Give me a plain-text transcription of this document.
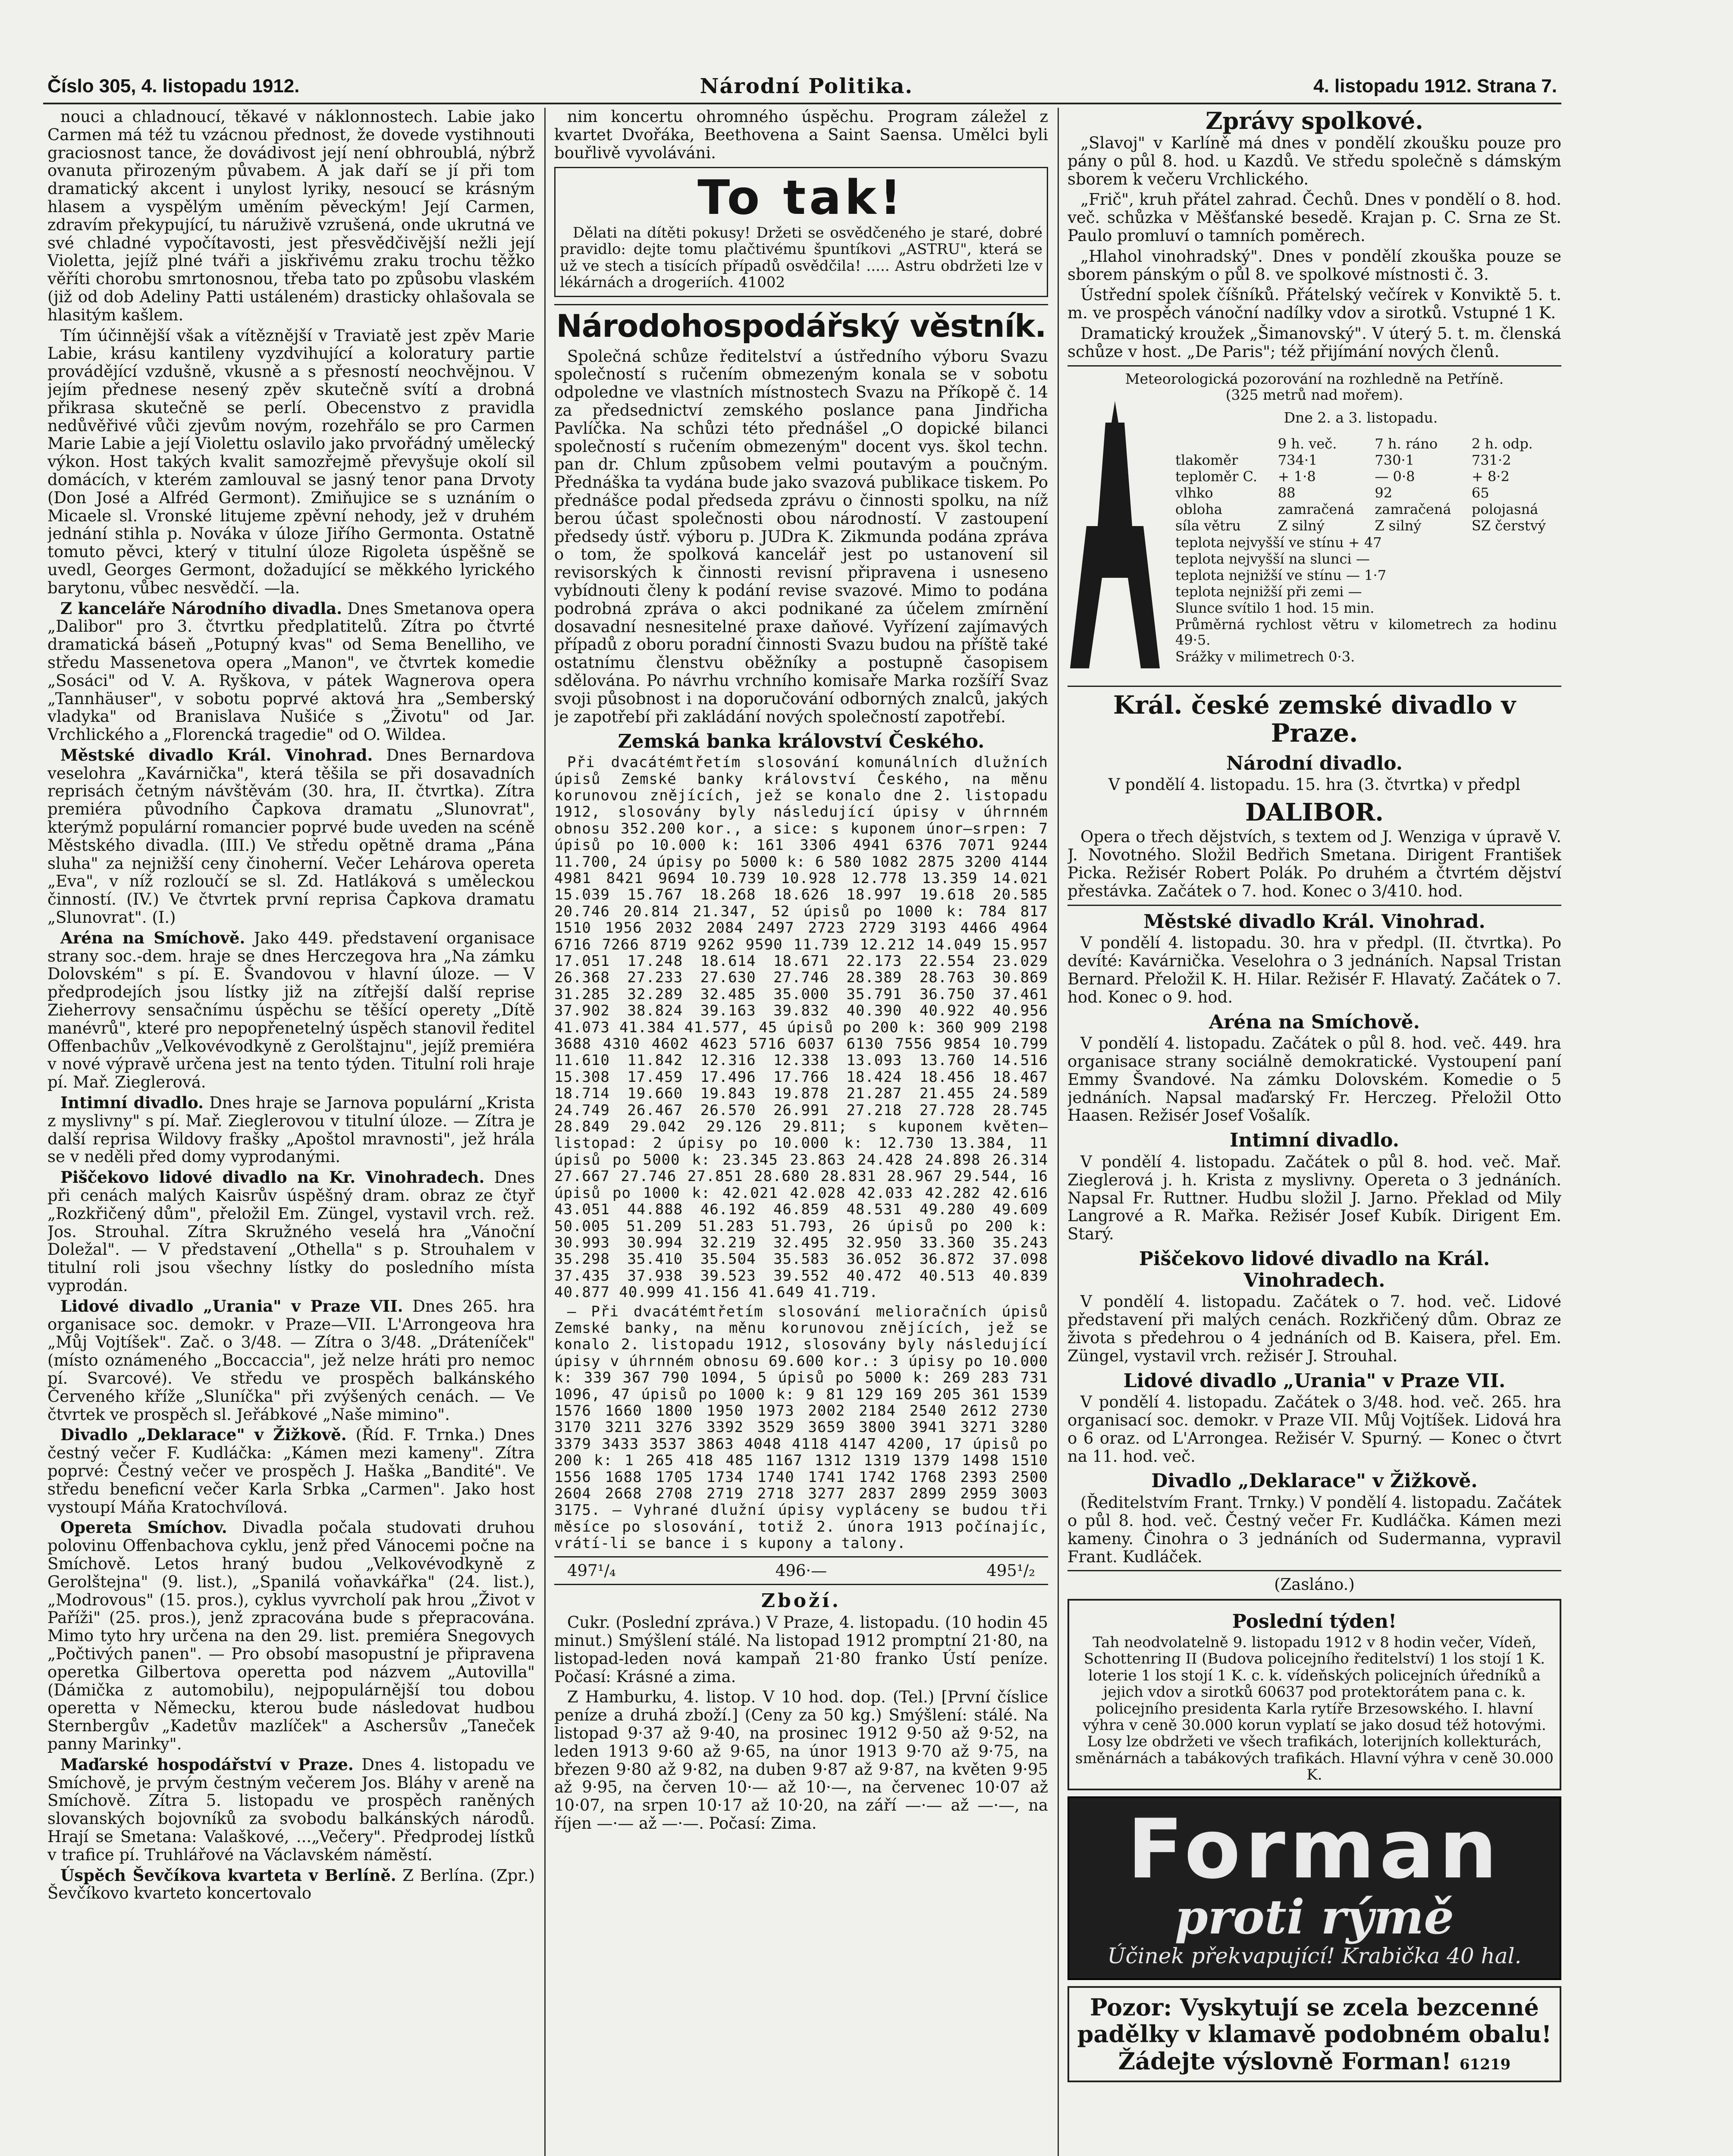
Číslo 305, 4. listopadu 1912.	Národní Politika.	4. listopadu 1912. Strana 7.

nouci a chladnoucí, těkavé v náklonnostech. Labie jako Carmen má též tu vzácnou přednost, že dovede vystihnouti graciosnost tance, že dovádivost její není obhroublá, nýbrž ovanuta přirozeným půvabem. A jak daří se jí při tom dramatický akcent i unylost lyriky, nesoucí se krásným hlasem a vyspělým uměním pěveckým! Její Carmen, zdravím překypující, tu náruživě vzrušená, onde ukrutná ve své chladné vypočítavosti, jest přesvědčivější nežli její Violetta, jejíž plné tváři a jiskřivému zraku trochu těžko věříti chorobu smrtonosnou, třeba tato po způsobu vlaském (již od dob Adeliny Patti ustáleném) drasticky ohlašovala se hlasitým kašlem.

Tím účinnější však a vítěznější v Traviatě jest zpěv Marie Labie, krásu kantileny vyzdvihující a koloratury partie provádějící vzdušně, vkusně a s přesností neochvějnou. V jejím přednese nesený zpěv skutečně svítí a drobná přikrasa skutečně se perlí. Obecenstvo z pravidla nedůvěřivé vůči zjevům novým, rozehřálo se pro Carmen Marie Labie a její Violettu oslavilo jako prvořádný umělecký výkon. Host takých kvalit samozřejmě převyšuje okolí sil domácích, v kterém zamlouval se jasný tenor pana Drvoty (Don José a Alfréd Germont). Zmiňujice se s uznáním o Micaele sl. Vronské litujeme zpěvní nehody, jež v druhém jednání stihla p. Nováka v úloze Jiřího Germonta. Ostatně tomuto pěvci, který v titulní úloze Rigoleta úspěšně se uvedl, Georges Germont, dožadující se měkkého lyrického barytonu, vůbec nesvědčí. —la.

Z kanceláře Národního divadla. Dnes Smetanova opera „Dalibor" pro 3. čtvrtku předplatitelů. Zítra po čtvrté dramatická báseň „Potupný kvas" od Sema Benelliho, ve středu Massenetova opera „Manon", ve čtvrtek komedie „Sosáci" od V. A. Ryškova, v pátek Wagnerova opera „Tannhäuser", v sobotu poprvé aktová hra „Semberský vladyka" od Branislava Nušiće s „Životu" od Jar. Vrchlického a „Florencká tragedie" od O. Wildea.

Městské divadlo Král. Vinohrad. Dnes Bernardova veselohra „Kavárnička", která těšila se při dosavadních reprisách četným návštěvám (30. hra, II. čtvrtka). Zítra premiéra původního Čapkova dramatu „Slunovrat", kterýmž populární romancier poprvé bude uveden na scéně Městského divadla. (III.) Ve středu opětně drama „Pána sluha" za nejnižší ceny činoherní. Večer Lehárova opereta „Eva", v níž rozloučí se sl. Zd. Hatláková s uměleckou činností. (IV.) Ve čtvrtek první reprisa Čapkova dramatu „Slunovrat". (I.)

Aréna na Smíchově. Jako 449. představení organisace strany soc.-dem. hraje se dnes Herczegova hra „Na zámku Dolovském" s pí. E. Švandovou v hlavní úloze. — V předprodejích jsou lístky již na zítřejší další reprise Zieherrovy sensačnímu úspěchu se těšící operety „Dítě manévrů", které pro nepopřenetelný úspěch stanovil ředitel Offenbachův „Velkovévodkyně z Gerolštajnu", jejíž premiéra v nové výpravě určena jest na tento týden. Titulní roli hraje pí. Mař. Zieglerová.

Intimní divadlo. Dnes hraje se Jarnova populární „Krista z myslivny" s pí. Mař. Zieglerovou v titulní úloze. — Zítra je další reprisa Wildovy frašky „Apoštol mravnosti", jež hrála se v neděli před domy vyprodanými.

Piščekovo lidové divadlo na Kr. Vinohradech. Dnes při cenách malých Kaisrův úspěšný dram. obraz ze čtyř „Rozkřičený dům", přeložil Em. Züngel, vystavil vrch. rež. Jos. Strouhal. Zítra Skružného veselá hra „Vánoční Doležal". — V představení „Othella" s p. Strouhalem v titulní roli jsou všechny lístky do posledního místa vyprodán.

Lidové divadlo „Urania" v Praze VII. Dnes 265. hra organisace soc. demokr. v Praze—VII. L'Arrongeova hra „Můj Vojtíšek". Zač. o 3/48. — Zítra o 3/48. „Dráteníček" (místo oznámeného „Boccaccia", jež nelze hráti pro nemoc pí. Svarcové). Ve středu ve prospěch balkánského Červeného kříže „Sluníčka" při zvýšených cenách. — Ve čtvrtek ve prospěch sl. Jeřábkové „Naše mimino".

Divadlo „Deklarace" v Žižkově. (Říd. F. Trnka.) Dnes čestný večer F. Kudláčka: „Kámen mezi kameny". Zítra poprvé: Čestný večer ve prospěch J. Haška „Bandité". Ve středu beneficní večer Karla Srbka „Carmen". Jako host vystoupí Máňa Kratochvílová.

Opereta Smíchov. Divadla počala studovati druhou polovinu Offenbachova cyklu, jenž před Vánocemi počne na Smíchově. Letos hraný budou „Velkovévodkyně z Gerolštejna" (9. list.), „Spanilá voňavkářka" (24. list.), „Modrovous" (15. pros.), cyklus vyvrcholí pak hrou „Život v Paříži" (25. pros.), jenž zpracována bude s přepracována. Mimo tyto hry určena na den 29. list. premiéra Snegovych „Počtivých panen". — Pro obsobí masopustní je připravena operetka Gilbertova operetta pod názvem „Autovilla" (Dámička z automobilu), nejpopulárnější tou dobou operetta v Německu, kterou bude následovat hudbou Sternbergův „Kadetův mazlíček" a Aschersův „Taneček panny Marinky".

Maďarské hospodářství v Praze. Dnes 4. listopadu ve Smíchově, je prvým čestným večerem Jos. Bláhy v areně na Smíchově. Zítra 5. listopadu ve prospěch raněných slovanských bojovníků za svobodu balkánských národů. Hrají se Smetana: Valaškové, ...„Večery". Předprodej lístků v trafice pí. Truhlářové na Václavském náměstí.

Úspěch Ševčíkova kvarteta v Berlíně. Z Berlína. (Zpr.) Ševčíkovo kvarteto koncertovalo

nim koncertu ohromného úspěchu. Program záležel z kvartet Dvořáka, Beethovena a Saint Saensa. Umělci byli bouřlivě vyvoláváni.

To tak!

Dělati na dítěti pokusy! Držeti se osvědčeného je staré, dobré pravidlo: dejte tomu plačtivému špuntíkovi „ASTRU", která se už ve stech a tisících případů osvědčila! ..... Astru obdržeti lze v lékárnách a drogeriích. 41002

Národohospodářský věstník.

Společná schůze ředitelství a ústředního výboru Svazu společností s ručením obmezeným konala se v sobotu odpoledne ve vlastních místnostech Svazu na Příkopě č. 14 za předsednictví zemského poslance pana Jindřicha Pavlíčka. Na schůzi této přednášel „O dopické bilanci společností s ručením obmezeným" docent vys. škol techn. pan dr. Chlum způsobem velmi poutavým a poučným. Přednáška ta vydána bude jako svazová publikace tiskem. Po přednášce podal předseda zprávu o činnosti spolku, na níž berou účast společnosti obou národností. V zastoupení předsedy ústř. výboru p. JUDra K. Zikmunda podána zpráva o tom, že spolková kancelář jest po ustanovení sil revisorských k činnosti revisní připravena i usneseno vybídnouti členy k podání revise svazové. Mimo to podána podrobná zpráva o akci podnikané za účelem zmírnění dosavadní nesnesitelné praxe daňové. Vyřízení zajímavých případů z oboru poradní činnosti Svazu budou na příště také ostatnímu členstvu oběžníky a postupně časopisem sdělována. Po návrhu vrchního komisaře Marka rozšíří Svaz svoji působnost i na doporučování odborných znalců, jakých je zapotřebí při zakládání nových společností zapotřebí.

Zemská banka království Českého.

Při dvacátémtřetím slosování komunálních dlužních úpisů Zemské banky království Českého, na měnu korunovou znějících, jež se konalo dne 2. listopadu 1912, slosovány byly následující úpisy v úhrnném obnosu 352.200 kor., a sice: s kuponem únor—srpen: 7 úpisů po 10.000 k: 161 3306 4941 6376 7071 9244 11.700, 24 úpisy po 5000 k: 6 580 1082 2875 3200 4144 4981 8421 9694 10.739 10.928 12.778 13.359 14.021 15.039 15.767 18.268 18.626 18.997 19.618 20.585 20.746 20.814 21.347, 52 úpisů po 1000 k: 784 817 1510 1956 2032 2084 2497 2723 2729 3193 4466 4964 6716 7266 8719 9262 9590 11.739 12.212 14.049 15.957 17.051 17.248 18.614 18.671 22.173 22.554 23.029 26.368 27.233 27.630 27.746 28.389 28.763 30.869 31.285 32.289 32.485 35.000 35.791 36.750 37.461 37.902 38.824 39.163 39.832 40.390 40.922 40.956 41.073 41.384 41.577, 45 úpisů po 200 k: 360 909 2198 3688 4310 4602 4623 5716 6037 6130 7556 9854 10.799 11.610 11.842 12.316 12.338 13.093 13.760 14.516 15.308 17.459 17.496 17.766 18.424 18.456 18.467 18.714 19.660 19.843 19.878 21.287 21.455 24.589 24.749 26.467 26.570 26.991 27.218 27.728 28.745 28.849 29.042 29.126 29.811; s kuponem květen—listopad: 2 úpisy po 10.000 k: 12.730 13.384, 11 úpisů po 5000 k: 23.345 23.863 24.428 24.898 26.314 27.667 27.746 27.851 28.680 28.831 28.967 29.544, 16 úpisů po 1000 k: 42.021 42.028 42.033 42.282 42.616 43.051 44.888 46.192 46.859 48.531 49.280 49.609 50.005 51.209 51.283 51.793, 26 úpisů po 200 k: 30.993 30.994 32.219 32.495 32.950 33.360 35.243 35.298 35.410 35.504 35.583 36.052 36.872 37.098 37.435 37.938 39.523 39.552 40.472 40.513 40.839 40.877 40.999 41.156 41.649 41.719.

— Při dvacátémtřetím slosování melioračních úpisů Zemské banky, na měnu korunovou znějících, jež se konalo 2. listopadu 1912, slosovány byly následující úpisy v úhrnném obnosu 69.600 kor.: 3 úpisy po 10.000 k: 339 367 790 1094, 5 úpisů po 5000 k: 269 283 731 1096, 47 úpisů po 1000 k: 9 81 129 169 205 361 1539 1576 1660 1800 1950 1973 2002 2184 2540 2612 2730 3170 3211 3276 3392 3529 3659 3800 3941 3271 3280 3379 3433 3537 3863 4048 4118 4147 4200, 17 úpisů po 200 k: 1 265 418 485 1167 1312 1319 1379 1498 1510 1556 1688 1705 1734 1740 1741 1742 1768 2393 2500 2604 2668 2708 2719 2718 3277 2837 2899 2959 3003 3175. — Vyhrané dlužní úpisy vypláceny se budou tři měsíce po slosování, totiž 2. února 1913 počínajíc, vrátí-li se bance i s kupony a talony.

497¹/₄	496·—	495¹/₂
Zboží.

Cukr. (Poslední zpráva.) V Praze, 4. listopadu. (10 hodin 45 minut.) Smýšlení stálé. Na listopad 1912 promptní 21·80, na listopad-leden nová kampaň 21·80 franko Ústí peníze. Počasí: Krásné a zima.

Z Hamburku, 4. listop. V 10 hod. dop. (Tel.) [První číslice peníze a druhá zboží.] (Ceny za 50 kg.) Smýšlení: stálé. Na listopad 9·37 až 9·40, na prosinec 1912 9·50 až 9·52, na leden 1913 9·60 až 9·65, na únor 1913 9·70 až 9·75, na březen 9·80 až 9·82, na duben 9·87 až 9·87, na květen 9·95 až 9·95, na červen 10·— až 10·—, na červenec 10·07 až 10·07, na srpen 10·17 až 10·20, na září —·— až —·—, na říjen —·— až —·—. Počasí: Zima.

Zprávy spolkové.

„Slavoj" v Karlíně má dnes v pondělí zkoušku pouze pro pány o půl 8. hod. u Kazdů. Ve středu společně s dámským sborem k večeru Vrchlického.

„Frič", kruh přátel zahrad. Čechů. Dnes v pondělí o 8. hod. več. schůzka v Měšťanské besedě. Krajan p. C. Srna ze St. Paulo promluví o tamních poměrech.

„Hlahol vinohradský". Dnes v pondělí zkouška pouze se sborem pánským o půl 8. ve spolkové místnosti č. 3.

Ústřední spolek číšníků. Přátelský večírek v Konviktě 5. t. m. ve prospěch vánoční nadílky vdov a sirotků. Vstupné 1 K.

Dramatický kroužek „Šimanovský". V úterý 5. t. m. členská schůze v host. „De Paris"; též přijímání nových členů.

Meteorologická pozorování na rozhledně na Petříně.
(325 metrů nad mořem).
Dne 2. a 3. listopadu.
	9 h. več.	7 h. ráno	2 h. odp.
tlakoměr	734·1	730·1	731·2
teploměr C.	+ 1·8	— 0·8	+ 8·2
vlhko	88	92	65
obloha	zamračená	zamračená	polojasná
síla větru	Z silný	Z silný	SZ čerstvý
teplota nejvyšší ve stínu + 47			
teplota nejvyšší na slunci —			
teplota nejnižší ve stínu — 1·7			
teplota nejnižší při zemi —			
Slunce svítilo 1 hod. 15 min.			
Průměrná rychlost větru v kilometrech za hodinu 49·5.			
Srážky v milimetrech 0·3.			
Král. české zemské divadlo v Praze.
Národní divadlo.

V pondělí 4. listopadu. 15. hra (3. čtvrtka) v předpl

DALIBOR.

Opera o třech dějstvích, s textem od J. Wenziga v úpravě V. J. Novotného. Složil Bedřich Smetana. Dirigent František Picka. Režisér Robert Polák. Po druhém a čtvrtém dějství přestávka. Začátek o 7. hod. Konec o 3/410. hod.

Městské divadlo Král. Vinohrad.

V pondělí 4. listopadu. 30. hra v předpl. (II. čtvrtka). Po devíté: Kavárnička. Veselohra o 3 jednáních. Napsal Tristan Bernard. Přeložil K. H. Hilar. Režisér F. Hlavatý. Začátek o 7. hod. Konec o 9. hod.

Aréna na Smíchově.

V pondělí 4. listopadu. Začátek o půl 8. hod. več. 449. hra organisace strany sociálně demokratické. Vystoupení paní Emmy Švandové. Na zámku Dolovském. Komedie o 5 jednáních. Napsal maďarský Fr. Herczeg. Přeložil Otto Haasen. Režisér Josef Vošalík.

Intimní divadlo.

V pondělí 4. listopadu. Začátek o půl 8. hod. več. Mař. Zieglerová j. h. Krista z myslivny. Opereta o 3 jednáních. Napsal Fr. Ruttner. Hudbu složil J. Jarno. Překlad od Mily Langrové a R. Mařka. Režisér Josef Kubík. Dirigent Em. Starý.

Piščekovo lidové divadlo na Král. Vinohradech.

V pondělí 4. listopadu. Začátek o 7. hod. več. Lidové představení při malých cenách. Rozkřičený dům. Obraz ze života s předehrou o 4 jednáních od B. Kaisera, přel. Em. Züngel, vystavil vrch. režisér J. Strouhal.

Lidové divadlo „Urania" v Praze VII.

V pondělí 4. listopadu. Začátek o 3/48. hod. več. 265. hra organisací soc. demokr. v Praze VII. Můj Vojtíšek. Lidová hra o 6 oraz. od L'Arrongea. Režisér V. Spurný. — Konec o čtvrt na 11. hod. več.

Divadlo „Deklarace" v Žižkově.

(Ředitelstvím Frant. Trnky.) V pondělí 4. listopadu. Začátek o půl 8. hod. več. Čestný večer Fr. Kudláčka. Kámen mezi kameny. Činohra o 3 jednáních od Sudermanna, vypravil Frant. Kudláček.

(Zasláno.)
Poslední týden!
Tah neodvolatelně 9. listopadu 1912 v 8 hodin večer, Vídeň, Schottenring II (Budova policejního ředitelství) 1 los stojí 1 K. loterie 1 los stojí 1 K. c. k. vídeňských policejních úředníků a jejich vdov a sirotků 60637 pod protektorátem pana c. k. policejního presidenta Karla rytíře Brzesowského. I. hlavní výhra v ceně 30.000 korun vyplatí se jako dosud též hotovými. Losy lze obdržeti ve všech trafikách, loterijních kollekturách, směnárnách a tabákových trafikách. Hlavní výhra v ceně 30.000 K.
Forman
proti rýmě
Účinek překvapující! Krabička 40 hal.
Pozor: Vyskytují se zcela bezcenné padělky v klamavě podobném obalu! Žádejte výslovně Forman! 61219
